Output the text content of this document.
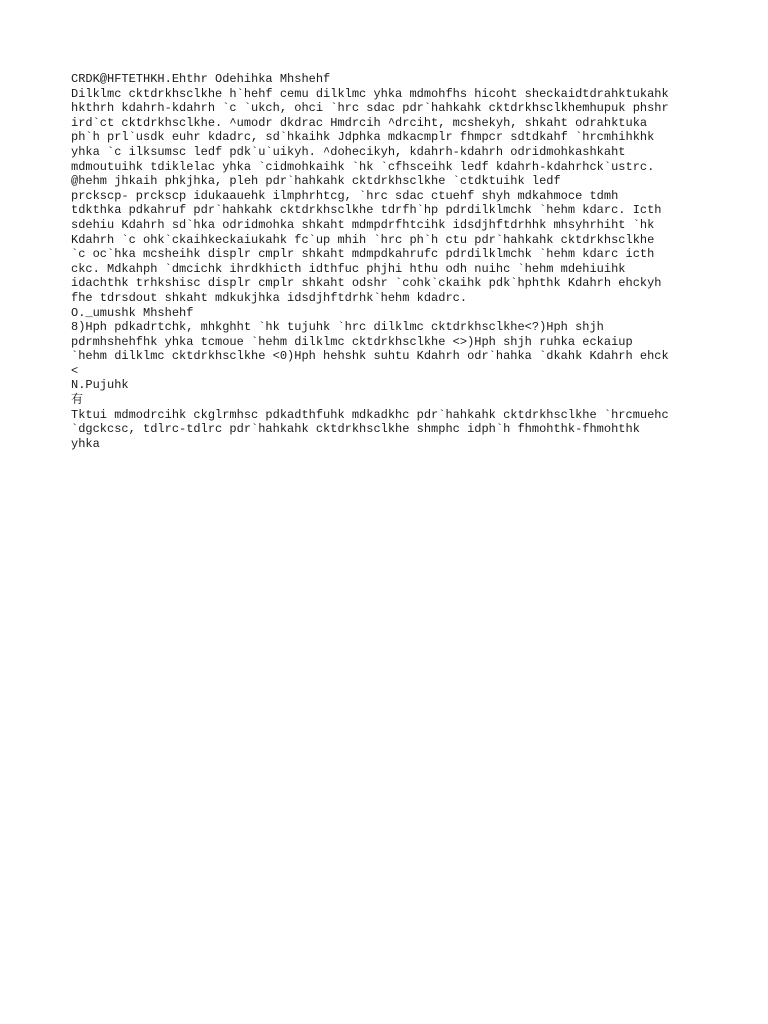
CRDK@HFTETHKH.Ehthr Odehihka Mhshehf
Dilklmc cktdrkhsclkhe h`hehf cemu dilklmc yhka mdmohfhs hicoht sheckaidtdrahktukahk
hkthrh kdahrh-kdahrh `c `ukch, ohci `hrc sdac pdr`hahkahk cktdrkhsclkhemhupuk phshr
ird`ct cktdrkhsclkhe. ^umodr dkdrac Hmdrcih ^drciht, mcshekyh, shkaht odrahktuka
ph`h prl`usdk euhr kdadrc, sd`hkaihk Jdphka mdkacmplr fhmpcr sdtdkahf `hrcmhihkhk
yhka `c ilksumsc ledf pdk`u`uikyh. ^dohecikyh, kdahrh-kdahrh odridmohkashkaht
mdmoutuihk tdiklelac yhka `cidmohkaihk `hk `cfhsceihk ledf kdahrh-kdahrhck`ustrc.
@hehm jhkaih phkjhka, pleh pdr`hahkahk cktdrkhsclkhe `ctdktuihk ledf
prckscp- prckscp idukaauehk ilmphrhtcg, `hrc sdac ctuehf shyh mdkahmoce tdmh
tdkthka pdkahruf pdr`hahkahk cktdrkhsclkhe tdrfh`hp pdrdilklmchk `hehm kdarc. Icth
sdehiu Kdahrh sd`hka odridmohka shkaht mdmpdrfhtcihk idsdjhftdrhhk mhsyhrhiht `hk
Kdahrh `c ohk`ckaihkeckaiukahk fc`up mhih `hrc ph`h ctu pdr`hahkahk cktdrkhsclkhe
`c oc`hka mcsheihk displr cmplr shkaht mdmpdkahrufc pdrdilklmchk `hehm kdarc icth
ckc. Mdkahph `dmcichk ihrdkhicth idthfuc phjhi hthu odh nuihc `hehm mdehiuihk
idachthk trhkshisc displr cmplr shkaht odshr `cohk`ckaihk pdk`hphthk Kdahrh ehckyh
fhe tdrsdout shkaht mdkukjhka idsdjhftdrhk`hehm kdadrc.
O._umushk Mhshehf
8)Hph pdkadrtchk, mhkghht `hk tujuhk `hrc dilklmc cktdrkhsclkhe<?)Hph shjh
pdrmhshehfhk yhka tcmoue `hehm dilklmc cktdrkhsclkhe <>)Hph shjh ruhka eckaiup
`hehm dilklmc cktdrkhsclkhe <0)Hph hehshk suhtu Kdahrh odr`hahka `dkahk Kdahrh ehck
<
N.Pujuhk
有
Tktui mdmodrcihk ckglrmhsc pdkadthfuhk mdkadkhc pdr`hahkahk cktdrkhsclkhe `hrcmuehc
`dgckcsc, tdlrc-tdlrc pdr`hahkahk cktdrkhsclkhe shmphc idph`h fhmohthk-fhmohthk
yhka
